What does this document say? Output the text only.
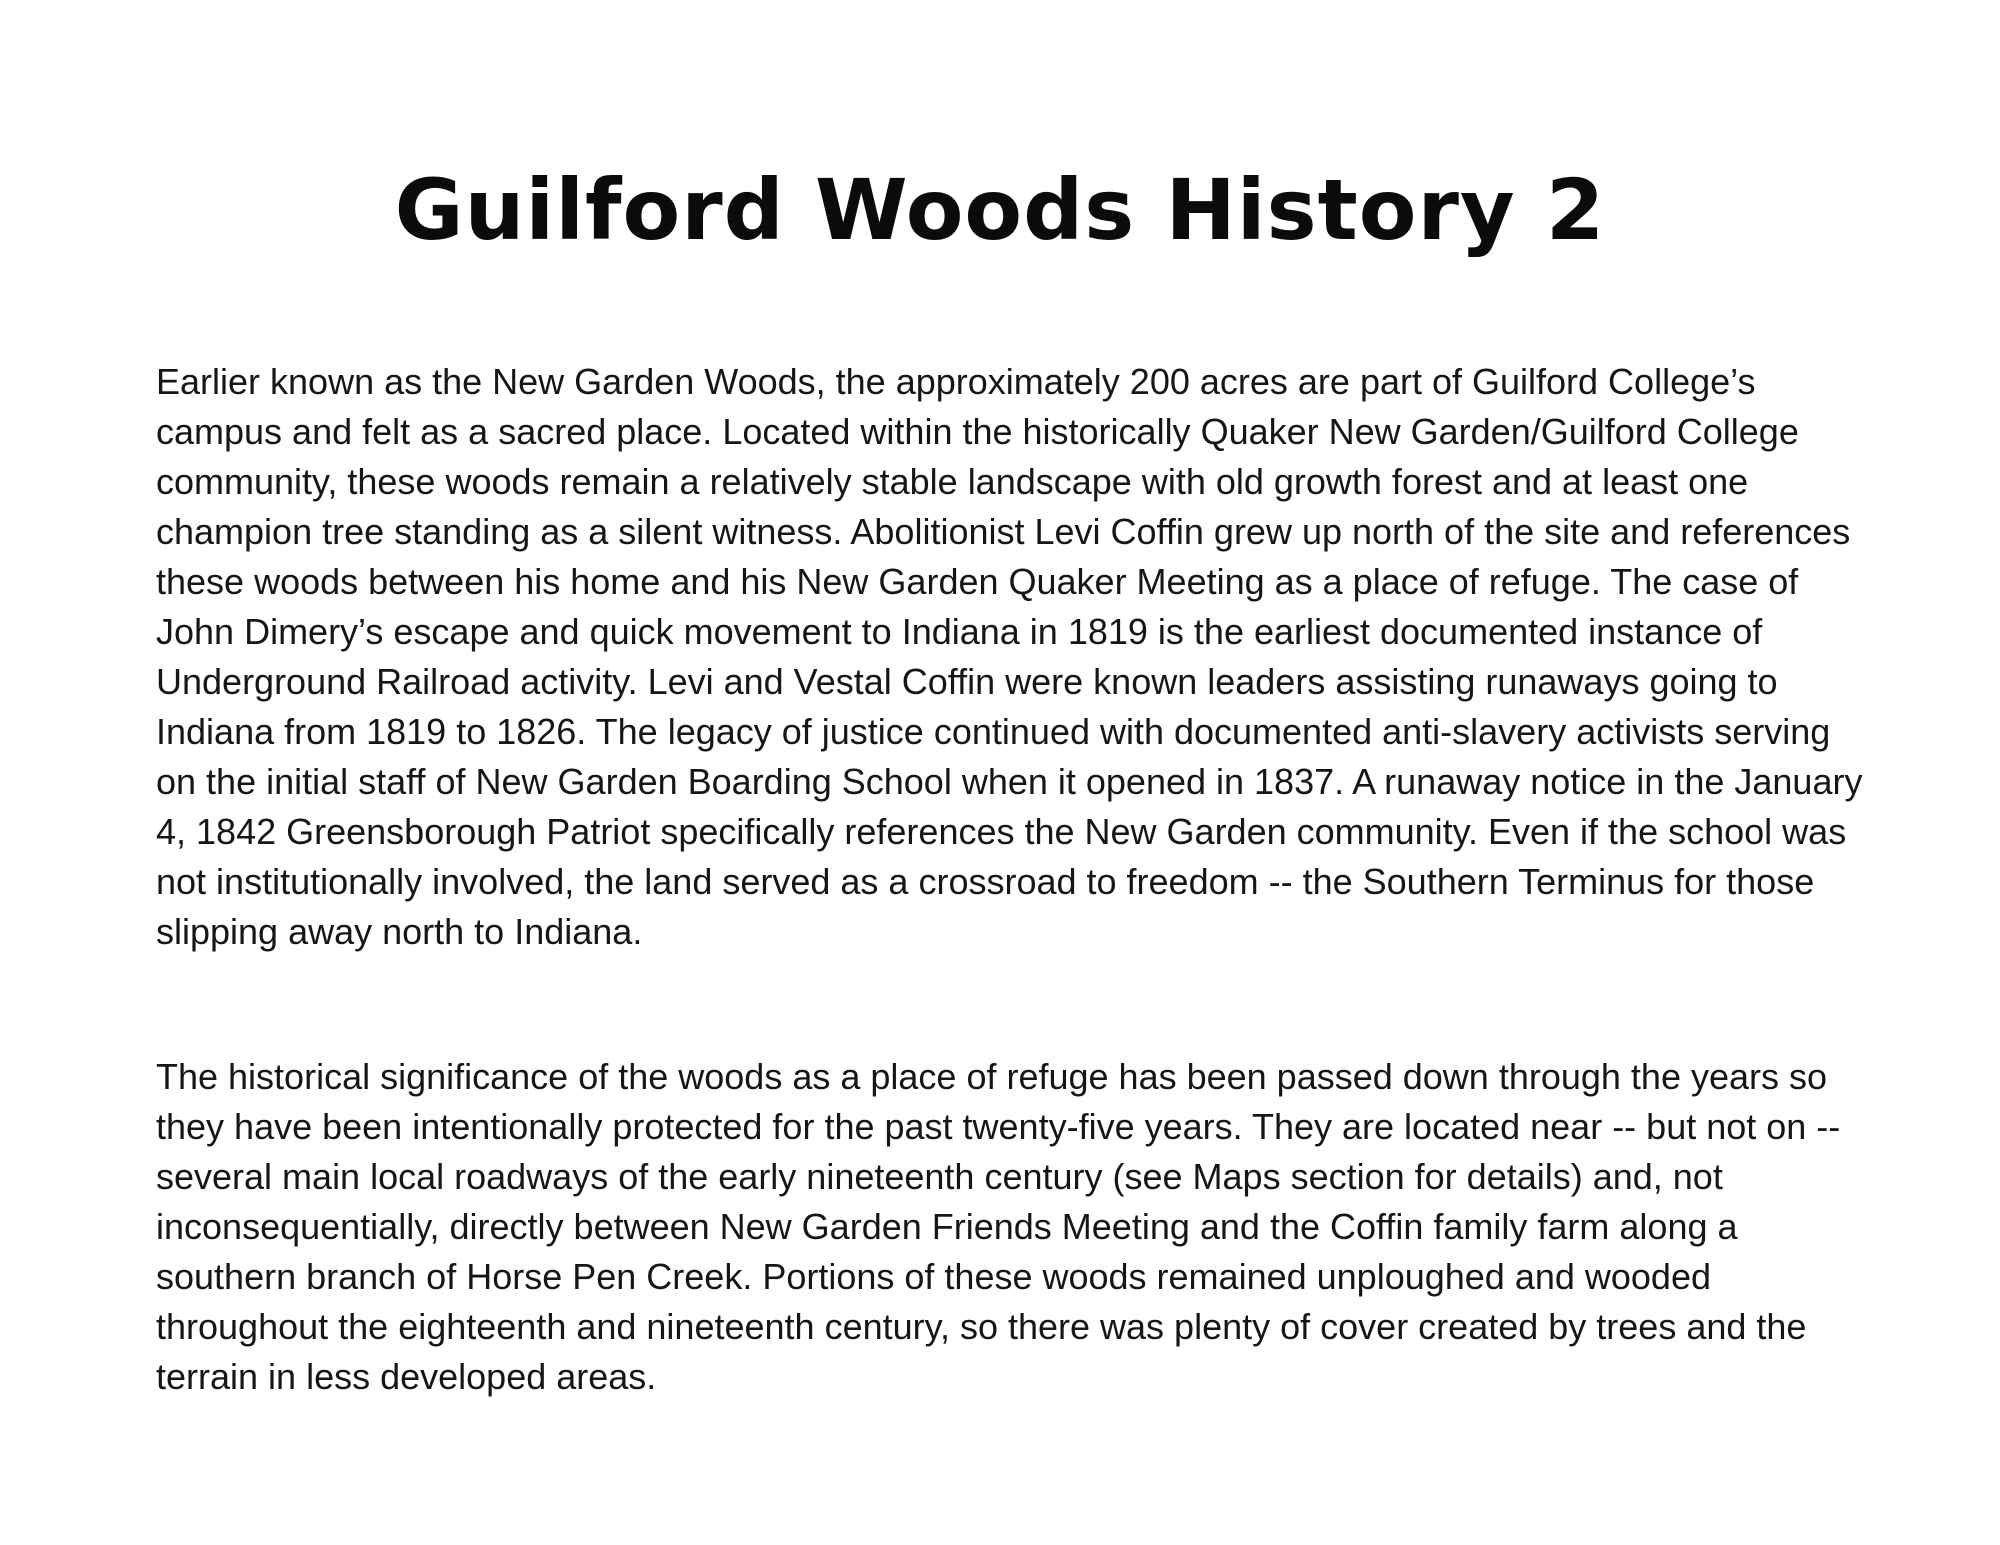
Guilford Woods History 2

Earlier known as the New Garden Woods, the approximately 200 acres are part of Guilford College’s campus and felt as a sacred place. Located within the historically Quaker New Garden/Guilford College community, these woods remain a relatively stable landscape with old growth forest and at least one champion tree standing as a silent witness. Abolitionist Levi Coffin grew up north of the site and references these woods between his home and his New Garden Quaker Meeting as a place of refuge. The case of John Dimery’s escape and quick movement to Indiana in 1819 is the earliest documented instance of Underground Railroad activity. Levi and Vestal Coffin were known leaders assisting runaways going to Indiana from 1819 to 1826. The legacy of justice continued with documented anti-slavery activists serving on the initial staff of New Garden Boarding School when it opened in 1837. A runaway notice in the January 4, 1842 Greensborough Patriot specifically references the New Garden community. Even if the school was not institutionally involved, the land served as a crossroad to freedom -- the Southern Terminus for those slipping away north to Indiana.

The historical significance of the woods as a place of refuge has been passed down through the years so they have been intentionally protected for the past twenty-five years. They are located near -- but not on -- several main local roadways of the early nineteenth century (see Maps section for details) and, not inconsequentially, directly between New Garden Friends Meeting and the Coffin family farm along a southern branch of Horse Pen Creek. Portions of these woods remained unploughed and wooded throughout the eighteenth and nineteenth century, so there was plenty of cover created by trees and the terrain in less developed areas.
